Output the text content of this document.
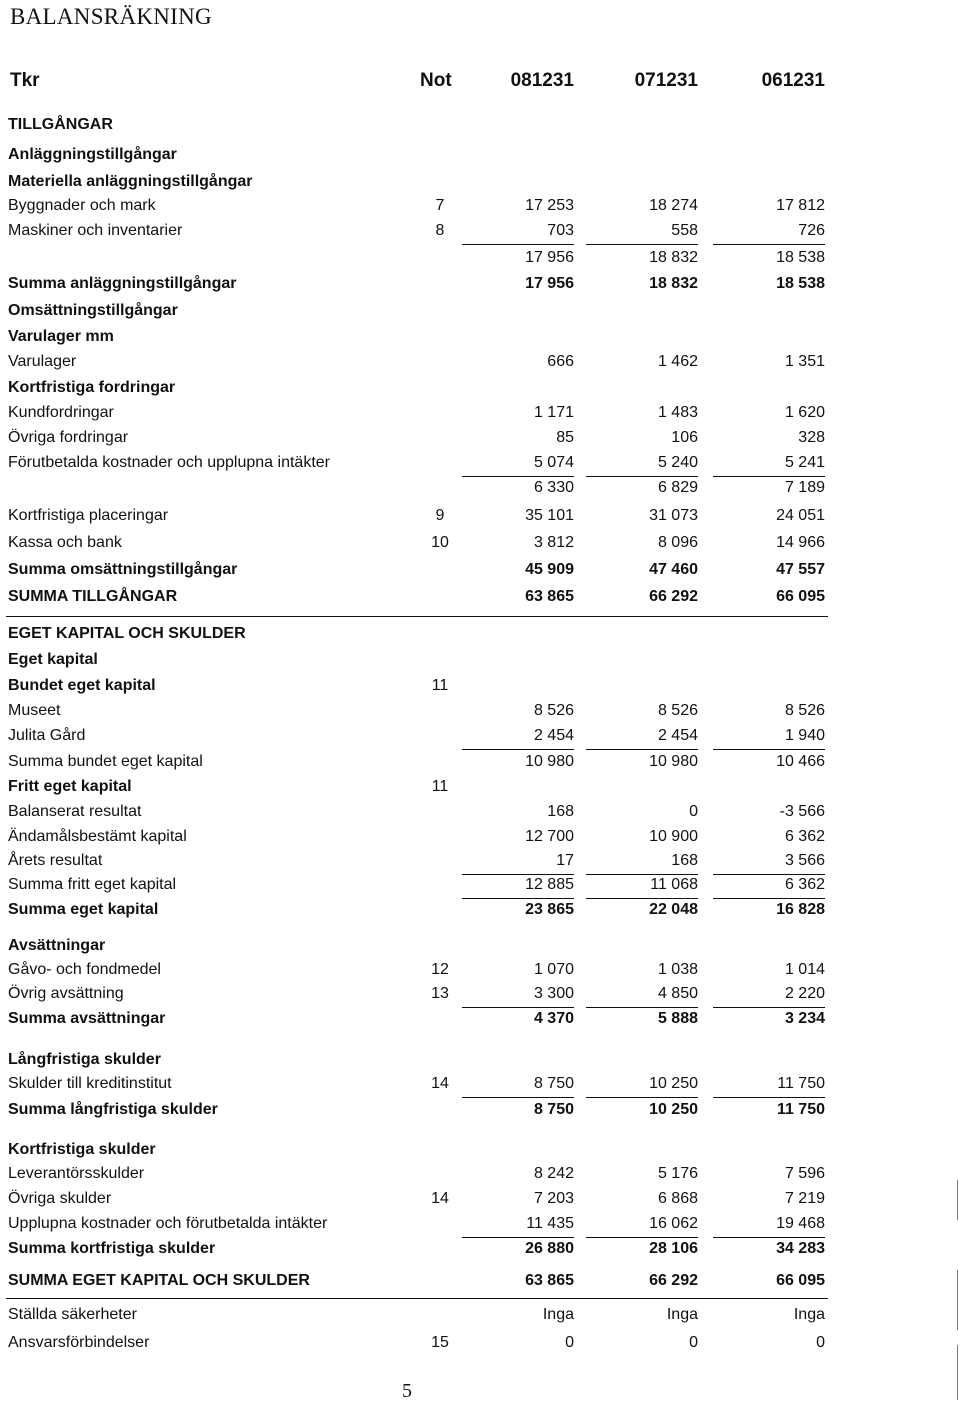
BALANSRÄKNING
Tkr	Not	081231	071231	061231
TILLGÅNGAR
Anläggningstillgångar
Materiella anläggningstillgångar
Byggnader och mark	7	17 253	18 274	17 812
Maskiner och inventarier	8	703	558	726
17 956	18 832	18 538
Summa anläggningstillgångar	17 956	18 832	18 538
Omsättningstillgångar
Varulager mm
Varulager	666	1 462	1 351
Kortfristiga fordringar
Kundfordringar	1 171	1 483	1 620
Övriga fordringar	85	106	328
Förutbetalda kostnader och upplupna intäkter	5 074	5 240	5 241
6 330	6 829	7 189
Kortfristiga placeringar	9	35 101	31 073	24 051
Kassa och bank	10	3 812	8 096	14 966
Summa omsättningstillgångar	45 909	47 460	47 557
SUMMA TILLGÅNGAR	63 865	66 292	66 095
EGET KAPITAL OCH SKULDER
Eget kapital
Bundet eget kapital	11
Museet	8 526	8 526	8 526
Julita Gård	2 454	2 454	1 940
Summa bundet eget kapital	10 980	10 980	10 466
Fritt eget kapital	11
Balanserat resultat	168	0	-3 566
Ändamålsbestämt kapital	12 700	10 900	6 362
Årets resultat	17	168	3 566
Summa fritt eget kapital	12 885	11 068	6 362
Summa eget kapital	23 865	22 048	16 828
Avsättningar
Gåvo- och fondmedel	12	1 070	1 038	1 014
Övrig avsättning	13	3 300	4 850	2 220
Summa avsättningar	4 370	5 888	3 234
Långfristiga skulder
Skulder till kreditinstitut	14	8 750	10 250	11 750
Summa långfristiga skulder	8 750	10 250	11 750
Kortfristiga skulder
Leverantörsskulder	8 242	5 176	7 596
Övriga skulder	14	7 203	6 868	7 219
Upplupna kostnader och förutbetalda intäkter	11 435	16 062	19 468
Summa kortfristiga skulder	26 880	28 106	34 283
SUMMA EGET KAPITAL OCH SKULDER	63 865	66 292	66 095
Ställda säkerheter	Inga	Inga	Inga
Ansvarsförbindelser	15	0	0	0
5
